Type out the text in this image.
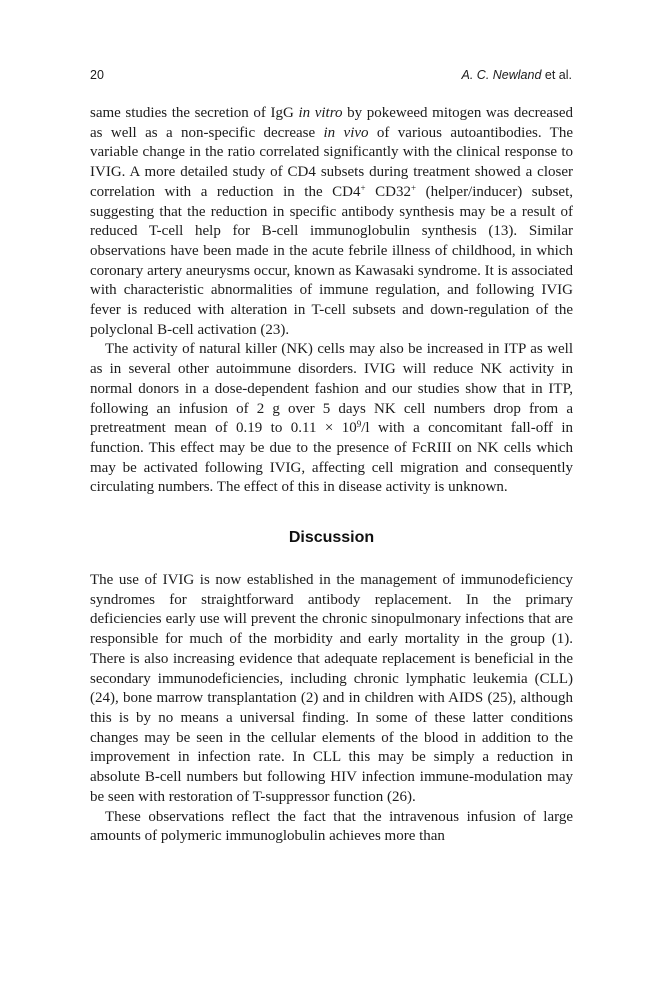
20	A. C. Newland et al.

same studies the secretion of IgG in vitro by pokeweed mitogen was decreased as well as a non-specific decrease in vivo of various autoantibodies. The variable change in the ratio correlated significantly with the clinical response to IVIG. A more detailed study of CD4 subsets during treatment showed a closer correlation with a reduction in the CD4+ CD32+ (helper/inducer) subset, suggesting that the reduction in specific antibody synthesis may be a result of reduced T-cell help for B-cell immunoglobulin synthesis (13). Similar observations have been made in the acute febrile illness of childhood, in which coronary artery aneurysms occur, known as Kawasaki syndrome. It is associated with characteristic abnormalities of immune regulation, and following IVIG fever is reduced with alteration in T-cell subsets and down-regulation of the polyclonal B-cell activation (23).

The activity of natural killer (NK) cells may also be increased in ITP as well as in several other autoimmune disorders. IVIG will reduce NK activity in normal donors in a dose-dependent fashion and our studies show that in ITP, following an infusion of 2 g over 5 days NK cell numbers drop from a pretreatment mean of 0.19 to $0.11 \times 10^9/l$ with a concomitant fall-off in function. This effect may be due to the presence of FcRIII on NK cells which may be activated following IVIG, affecting cell migration and consequently circulating numbers. The effect of this in disease activity is unknown.

Discussion

The use of IVIG is now established in the management of immunodeficiency syndromes for straightforward antibody replacement. In the primary deficiencies early use will prevent the chronic sinopulmonary infections that are responsible for much of the morbidity and early mortality in the group (1). There is also increasing evidence that adequate replacement is beneficial in the secondary immunodeficiencies, including chronic lymphatic leukemia (CLL) (24), bone marrow transplantation (2) and in children with AIDS (25), although this is by no means a universal finding. In some of these latter conditions changes may be seen in the cellular elements of the blood in addition to the improvement in infection rate. In CLL this may be simply a reduction in absolute B-cell numbers but following HIV infection immune-modulation may be seen with restoration of T-suppressor function (26).

These observations reflect the fact that the intravenous infusion of large amounts of polymeric immunoglobulin achieves more than
